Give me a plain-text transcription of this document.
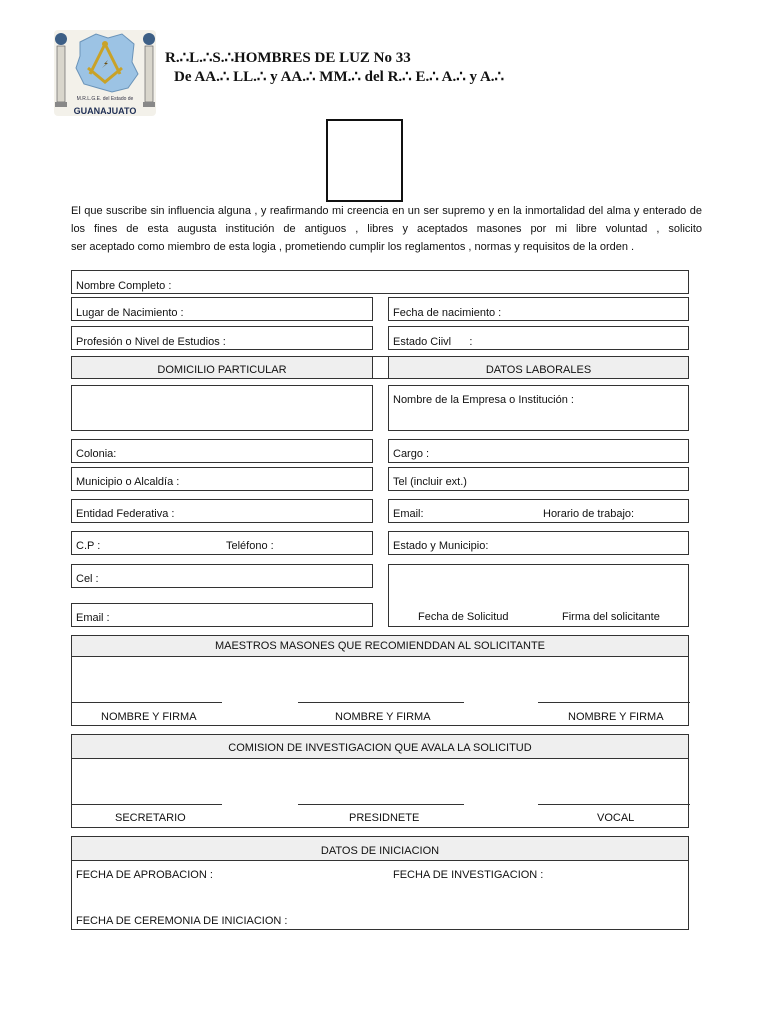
M.R.L.G.E. del Estado de
GUANAJUATO
R.∴L.∴S.∴HOMBRES DE LUZ No 33
De AA.∴ LL.∴ y AA.∴ MM.∴ del R.∴ E.∴ A.∴ y A.∴

El que suscribe sin influencia alguna , y reafirmando mi creencia en un ser supremo y en la inmortalidad del alma y enterado de los fines de esta augusta institución de antiguos , libres y aceptados masones por mi libre voluntad , solicito

ser aceptado como miembro de esta logia , prometiendo cumplir los reglamentos , normas y requisitos de la orden .
Nombre Completo :
Lugar de Nacimiento :	Fecha de nacimiento :
Profesión o Nivel de Estudios :	Estado Ciivl      :
DOMICILIO PARTICULAR	DATOS LABORALES
Nombre de la Empresa o Institución :
Colonia:	Cargo :
Municipio o Alcaldía :	Tel (incluir ext.)
Entidad Federativa :	Email:	Horario de trabajo:
C.P :	Teléfono :	Estado y Municipio:
Cel :
Email :	Fecha de Solicitud	Firma del solicitante
MAESTROS MASONES QUE RECOMIENDDAN AL SOLICITANTE
NOMBRE Y FIRMA	NOMBRE Y FIRMA	NOMBRE Y FIRMA
COMISION DE INVESTIGACION QUE AVALA LA SOLICITUD
SECRETARIO	PRESIDNETE	VOCAL
DATOS DE INICIACION
FECHA DE APROBACION :	FECHA DE INVESTIGACION :
FECHA DE CEREMONIA DE INICIACION :
